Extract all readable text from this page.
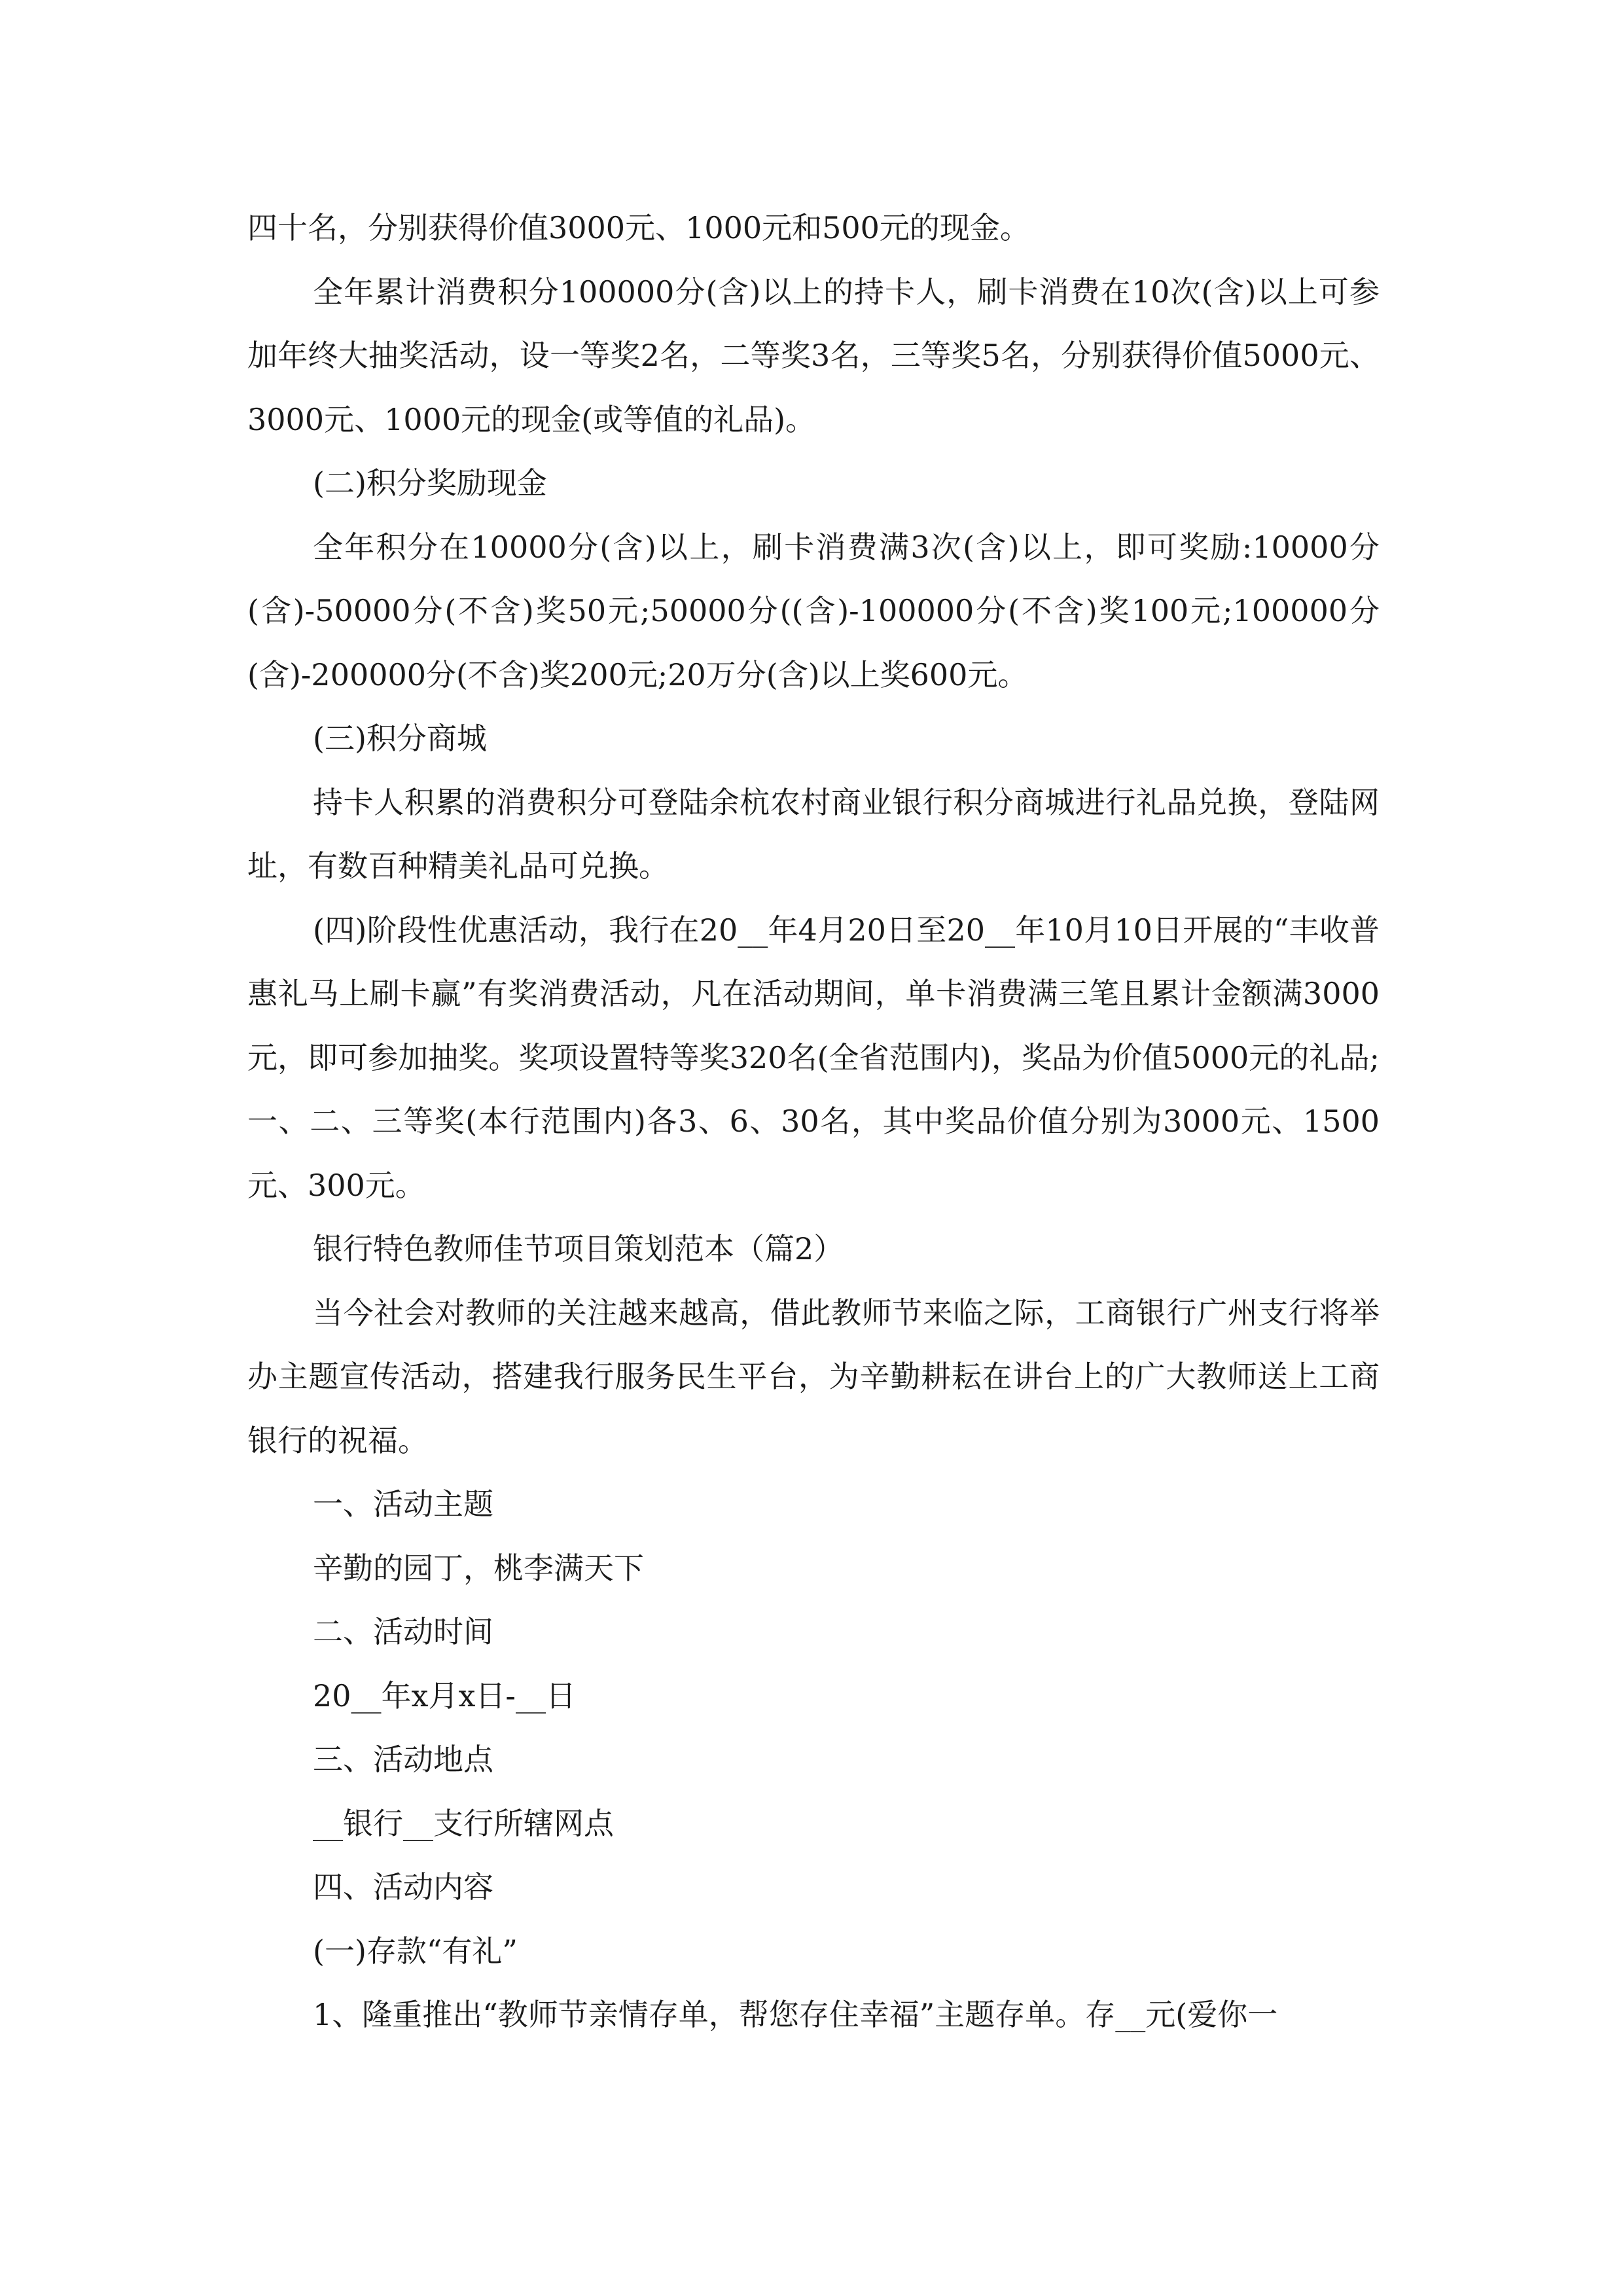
四十名，分别获得价值3000元、1000元和500元的现金。

全年累计消费积分100000分(含)以上的持卡人，刷卡消费在10次(含)以上可参加年终大抽奖活动，设一等奖2名，二等奖3名，三等奖5名，分别获得价值5000元、3000元、1000元的现金(或等值的礼品)。

(二)积分奖励现金

全年积分在10000分(含)以上，刷卡消费满3次(含)以上，即可奖励:10000分(含)-50000分(不含)奖50元;50000分((含)-100000分(不含)奖100元;100000分(含)-200000分(不含)奖200元;20万分(含)以上奖600元。

(三)积分商城

持卡人积累的消费积分可登陆余杭农村商业银行积分商城进行礼品兑换，登陆网址，有数百种精美礼品可兑换。

(四)阶段性优惠活动，我行在20__年4月20日至20__年10月10日开展的“丰收普惠礼马上刷卡赢”有奖消费活动，凡在活动期间，单卡消费满三笔且累计金额满3000元，即可参加抽奖。奖项设置特等奖320名(全省范围内)，奖品为价值5000元的礼品;一、二、三等奖(本行范围内)各3、6、30名，其中奖品价值分别为3000元、1500元、300元。

银行特色教师佳节项目策划范本（篇2）

当今社会对教师的关注越来越高，借此教师节来临之际，工商银行广州支行将举办主题宣传活动，搭建我行服务民生平台，为辛勤耕耘在讲台上的广大教师送上工商银行的祝福。

一、活动主题

辛勤的园丁，桃李满天下

二、活动时间

20__年x月x日-__日

三、活动地点

__银行__支行所辖网点

四、活动内容

(一)存款“有礼”

1、隆重推出“教师节亲情存单，帮您存住幸福”主题存单。存__元(爱你一
